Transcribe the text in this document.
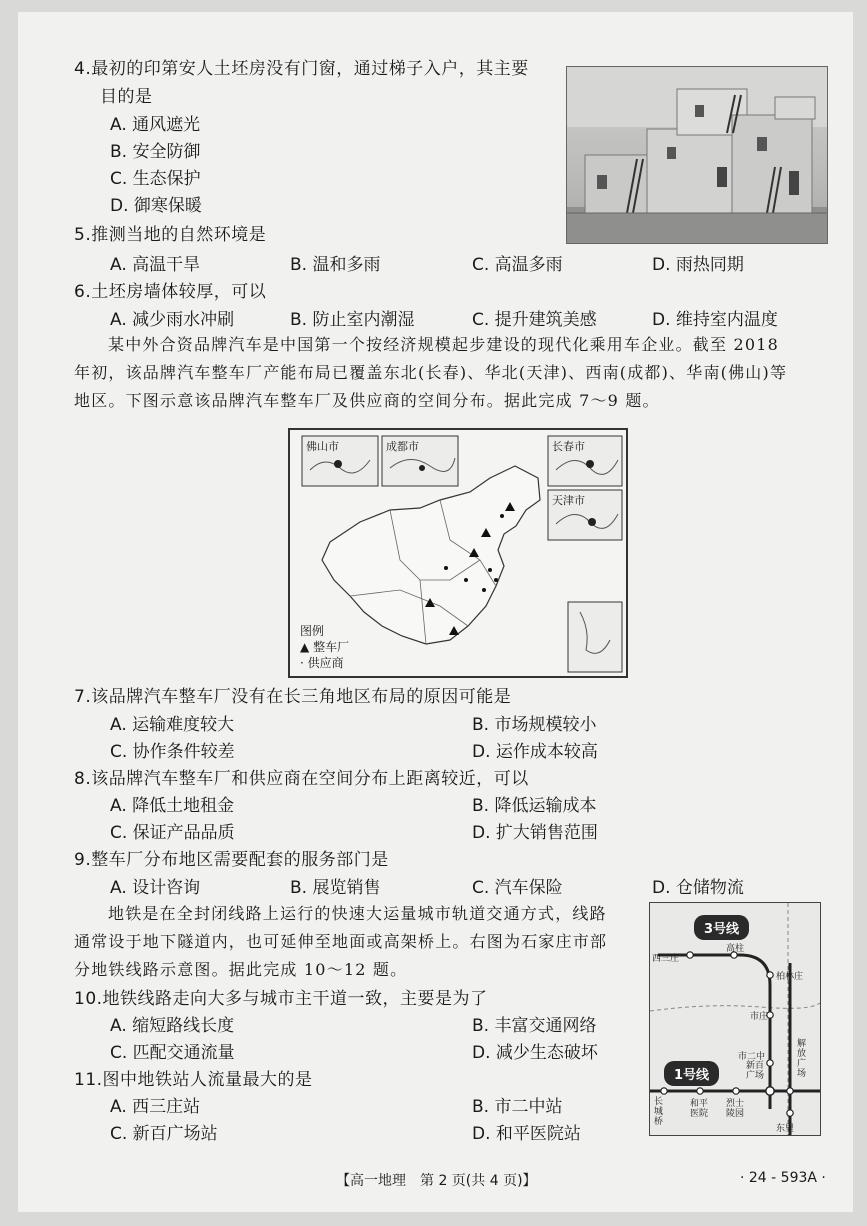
4.最初的印第安人土坯房没有门窗，通过梯子入户，其主要
目的是
A. 通风遮光
B. 安全防御
C. 生态保护
D. 御寒保暖
5.推测当地的自然环境是
A. 高温干旱	B. 温和多雨	C. 高温多雨	D. 雨热同期
6.土坯房墙体较厚，可以
A. 减少雨水冲刷	B. 防止室内潮湿	C. 提升建筑美感	D. 维持室内温度
某中外合资品牌汽车是中国第一个按经济规模起步建设的现代化乘用车企业。截至 2018
年初，该品牌汽车整车厂产能布局已覆盖东北(长春)、华北(天津)、西南(成都)、华南(佛山)等
地区。下图示意该品牌汽车整车厂及供应商的空间分布。据此完成 7～9 题。
佛山市	成都市	长春市
天津市
图例
▲ 整车厂
· 供应商
7.该品牌汽车整车厂没有在长三角地区布局的原因可能是
A. 运输难度较大	B. 市场规模较小
C. 协作条件较差	D. 运作成本较高
8.该品牌汽车整车厂和供应商在空间分布上距离较近，可以
A. 降低土地租金	B. 降低运输成本
C. 保证产品品质	D. 扩大销售范围
9.整车厂分布地区需要配套的服务部门是
A. 设计咨询	B. 展览销售	C. 汽车保险	D. 仓储物流
地铁是在全封闭线路上运行的快速大运量城市轨道交通方式，线路
通常设于地下隧道内，也可延伸至地面或高架桥上。右图为石家庄市部
分地铁线路示意图。据此完成 10～12 题。
10.地铁线路走向大多与城市主干道一致，主要是为了
A. 缩短路线长度	B. 丰富交通网络
C. 匹配交通流量	D. 减少生态破坏
11.图中地铁站人流量最大的是
A. 西三庄站	B. 市二中站
C. 新百广场站	D. 和平医院站
3号线
1号线
西三庄
高柱
柏林庄
市庄
市二中
新百
广场
解
放
广
场
长
城
桥
和平
医院
烈士
陵园
东里
【高一地理　第 2 页(共 4 页)】	· 24 - 593A ·
